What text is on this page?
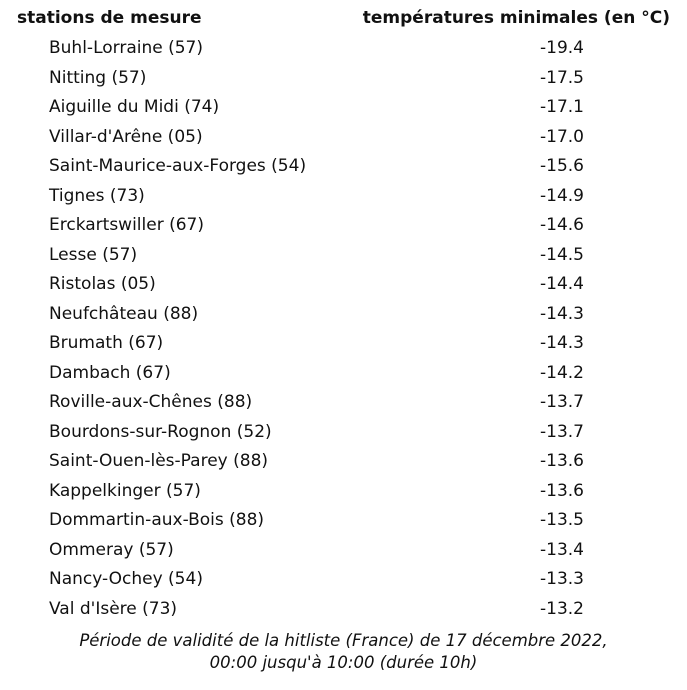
stations de mesure	températures minimales (en °C)
Buhl-Lorraine (57)	-19.4
Nitting (57)	-17.5
Aiguille du Midi (74)	-17.1
Villar-d'Arêne (05)	-17.0
Saint-Maurice-aux-Forges (54)	-15.6
Tignes (73)	-14.9
Erckartswiller (67)	-14.6
Lesse (57)	-14.5
Ristolas (05)	-14.4
Neufchâteau (88)	-14.3
Brumath (67)	-14.3
Dambach (67)	-14.2
Roville-aux-Chênes (88)	-13.7
Bourdons-sur-Rognon (52)	-13.7
Saint-Ouen-lès-Parey (88)	-13.6
Kappelkinger (57)	-13.6
Dommartin-aux-Bois (88)	-13.5
Ommeray (57)	-13.4
Nancy-Ochey (54)	-13.3
Val d'Isère (73)	-13.2
Période de validité de la hitliste (France) de 17 décembre 2022,
00:00 jusqu'à 10:00 (durée 10h)
